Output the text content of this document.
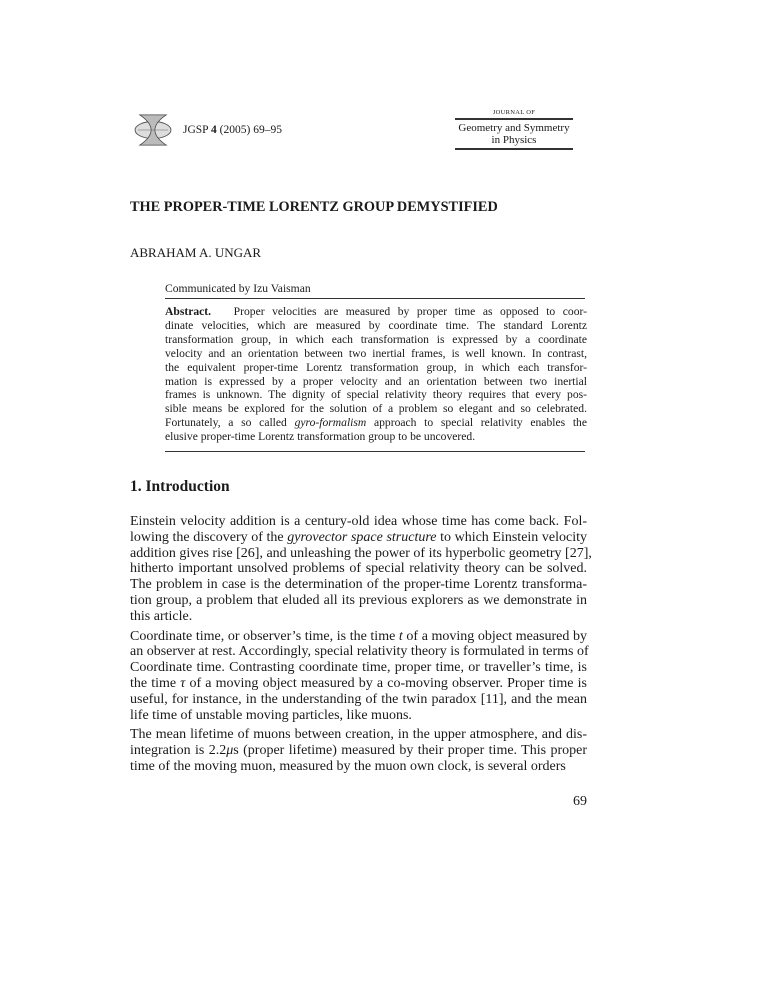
JGSP 4 (2005) 69–95
JOURNAL OF
Geometry and Symmetry
in Physics
THE PROPER-TIME LORENTZ GROUP DEMYSTIFIED
ABRAHAM A. UNGAR
Communicated by Izu Vaisman
Abstract. Proper velocities are measured by proper time as opposed to coor-
dinate velocities, which are measured by coordinate time. The standard Lorentz
transformation group, in which each transformation is expressed by a coordinate
velocity and an orientation between two inertial frames, is well known. In contrast,
the equivalent proper-time Lorentz transformation group, in which each transfor-
mation is expressed by a proper velocity and an orientation between two inertial
frames is unknown. The dignity of special relativity theory requires that every pos-
sible means be explored for the solution of a problem so elegant and so celebrated.
Fortunately, a so called gyro-formalism approach to special relativity enables the
elusive proper-time Lorentz transformation group to be uncovered.
1. Introduction
Einstein velocity addition is a century-old idea whose time has come back. Fol-
lowing the discovery of the gyrovector space structure to which Einstein velocity
addition gives rise [26], and unleashing the power of its hyperbolic geometry [27],
hitherto important unsolved problems of special relativity theory can be solved.
The problem in case is the determination of the proper-time Lorentz transforma-
tion group, a problem that eluded all its previous explorers as we demonstrate in
this article.
Coordinate time, or observer’s time, is the time t of a moving object measured by
an observer at rest. Accordingly, special relativity theory is formulated in terms of
Coordinate time. Contrasting coordinate time, proper time, or traveller’s time, is
the time τ of a moving object measured by a co-moving observer. Proper time is
useful, for instance, in the understanding of the twin paradox [11], and the mean
life time of unstable moving particles, like muons.
The mean lifetime of muons between creation, in the upper atmosphere, and dis-
integration is 2.2μs (proper lifetime) measured by their proper time. This proper
time of the moving muon, measured by the muon own clock, is several orders
69
